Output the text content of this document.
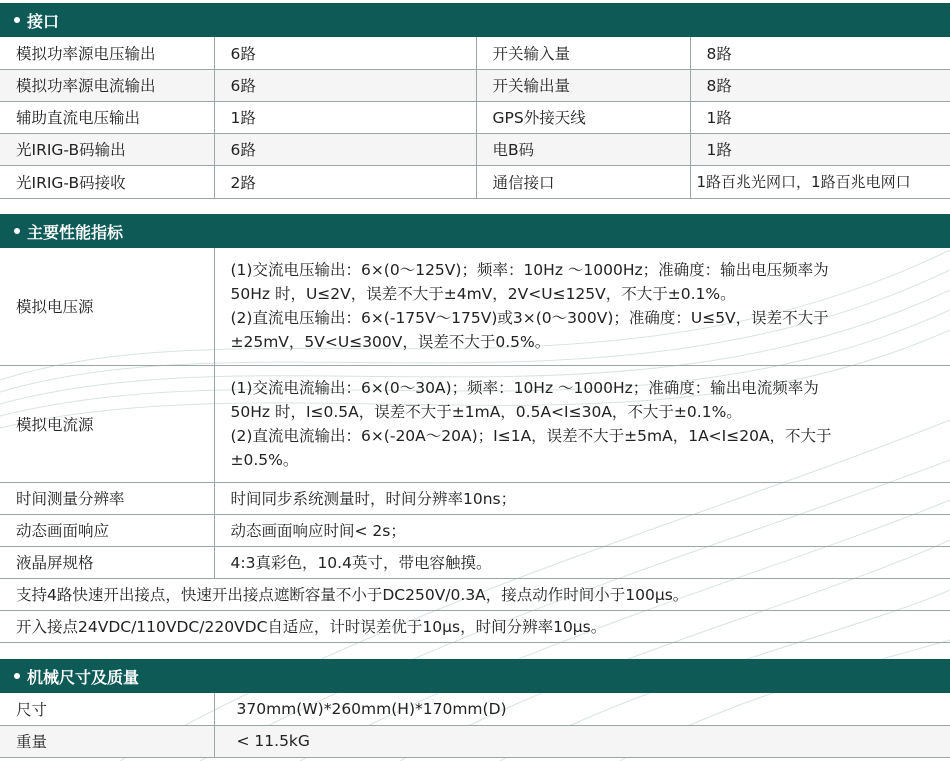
接口
模拟功率源电压输出	6路	开关输入量	8路
模拟功率源电流输出	6路	开关输出量	8路
辅助直流电压输出	1路	GPS外接天线	1路
光IRIG-B码输出	6路	电B码	1路
光IRIG-B码接收	2路	通信接口	1路百兆光网口，1路百兆电网口
主要性能指标
模拟电压源	(1)交流电压输出：6×(0～125V)；频率：10Hz ～1000Hz；准确度：输出电压频率为
50Hz 时，U≤2V，误差不大于±4mV，2V<U≤125V，不大于±0.1%。
(2)直流电压输出：6×(-175V～175V)或3×(0～300V)；准确度：U≤5V，误差不大于
±25mV，5V<U≤300V，误差不大于0.5%。

模拟电流源	(1)交流电流输出：6×(0～30A)；频率：10Hz ～1000Hz；准确度：输出电流频率为
50Hz 时，I≤0.5A，误差不大于±1mA，0.5A<I≤30A，不大于±0.1%。
(2)直流电流输出：6×(-20A～20A)；I≤1A，误差不大于±5mA，1A<I≤20A，不大于
±0.5%。

时间测量分辨率	时间同步系统测量时，时间分辨率10ns；
动态画面响应	动态画面响应时间< 2s；
液晶屏规格	4:3真彩色，10.4英寸，带电容触摸。
支持4路快速开出接点，快速开出接点遮断容量不小于DC250V/0.3A，接点动作时间小于100μs。	
开入接点24VDC/110VDC/220VDC自适应，计时误差优于10μs，时间分辨率10μs。	
机械尺寸及质量
尺寸	370mm(W)*260mm(H)*170mm(D)
重量	< 11.5kG
